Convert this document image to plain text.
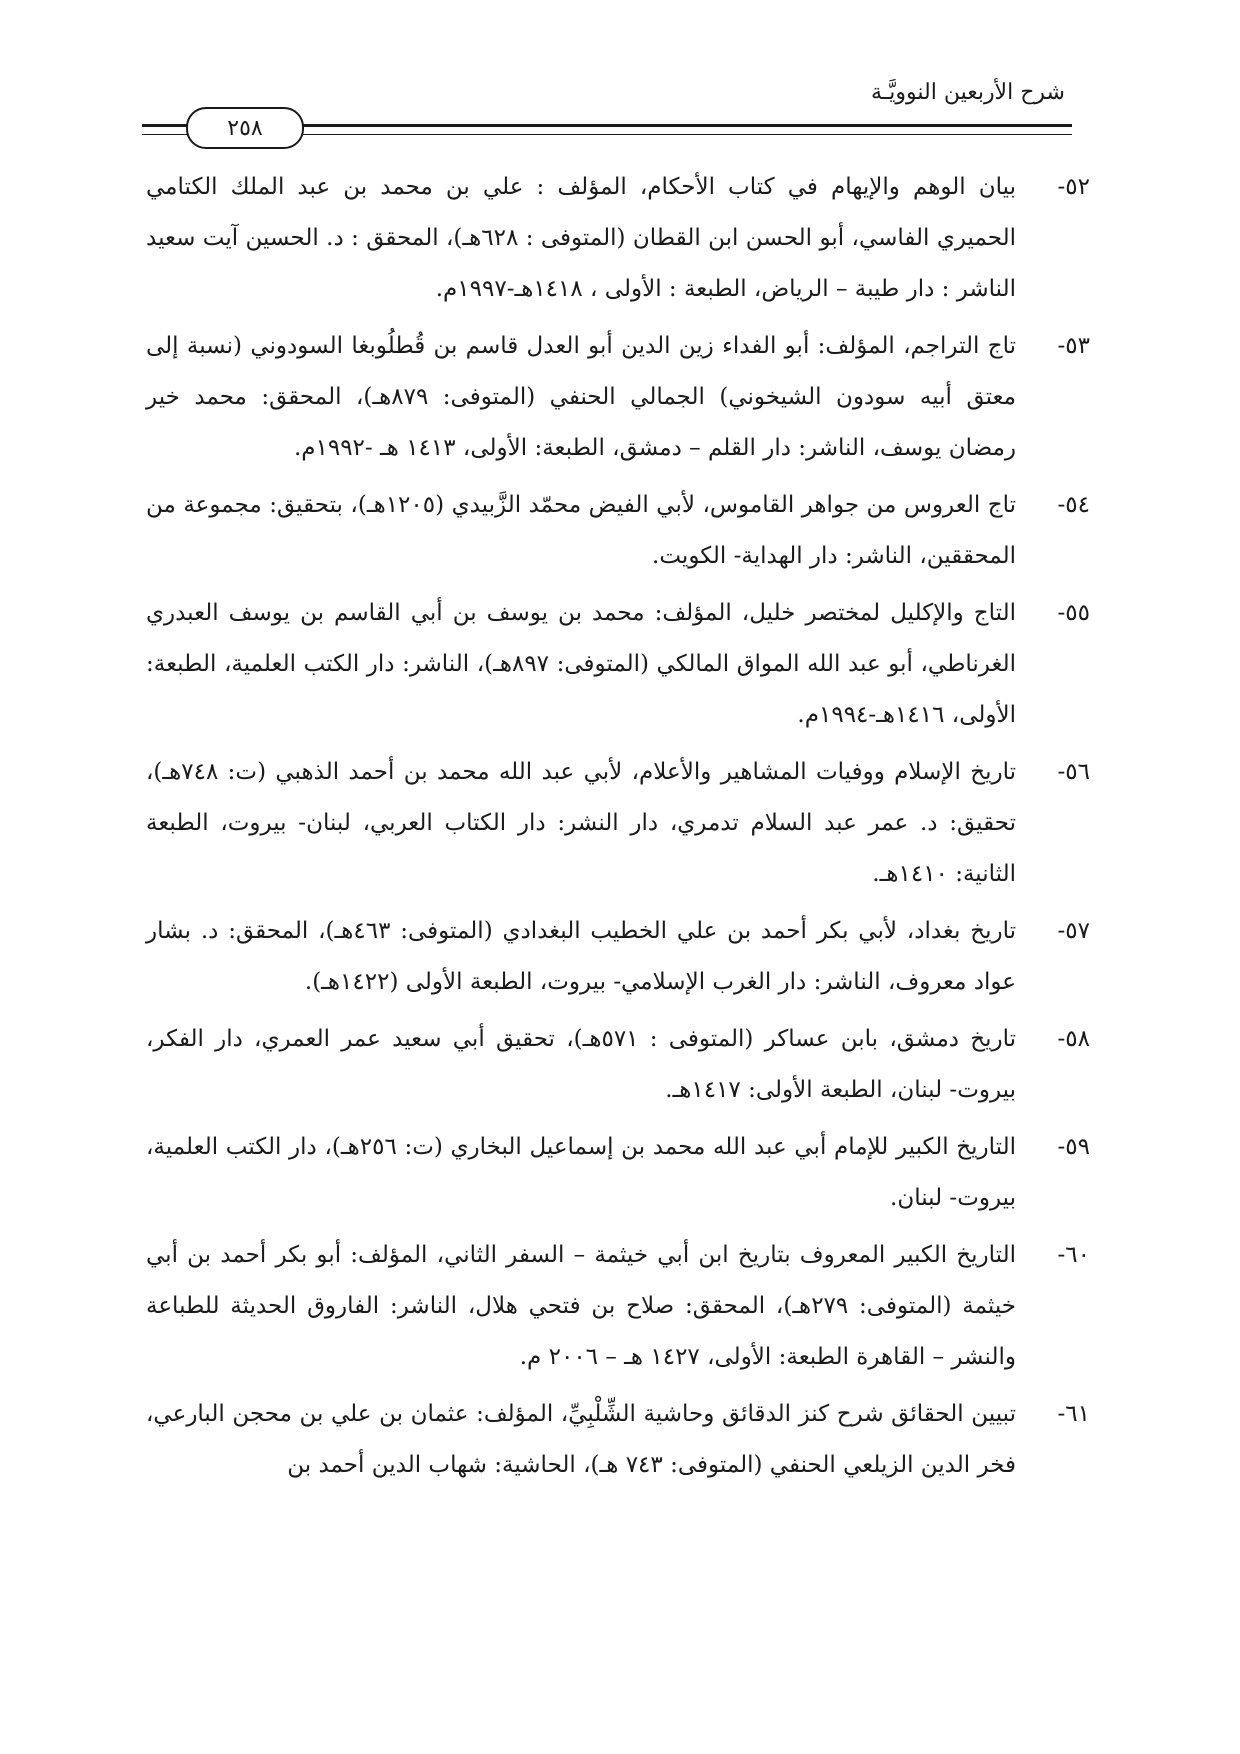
شرح الأربعين النوويَّـة
٢٥٨
٥٢-
بيان الوهم والإيهام في كتاب الأحكام، المؤلف : علي بن محمد بن عبد الملك الكتامي الحميري الفاسي، أبو الحسن ابن القطان (المتوفى : ٦٢٨هـ)، المحقق : د. الحسين آيت سعيد الناشر : دار طيبة – الرياض، الطبعة : الأولى ، ١٤١٨هـ-١٩٩٧م.
٥٣-
تاج التراجم، المؤلف: أبو الفداء زين الدين أبو العدل قاسم بن قُطلُوبغا السودوني (نسبة إلى معتق أبيه سودون الشيخوني) الجمالي الحنفي (المتوفى: ٨٧٩هـ)، المحقق: محمد خير رمضان يوسف، الناشر: دار القلم – دمشق، الطبعة: الأولى، ١٤١٣ هـ -١٩٩٢م.
٥٤-
تاج العروس من جواهر القاموس، لأبي الفيض محمّد الزَّبيدي (١٢٠٥هـ)، بتحقيق: مجموعة من المحققين، الناشر: دار الهداية- الكويت.
٥٥-
التاج والإكليل لمختصر خليل، المؤلف: محمد بن يوسف بن أبي القاسم بن يوسف العبدري الغرناطي، أبو عبد الله المواق المالكي (المتوفى: ٨٩٧هـ)، الناشر: دار الكتب العلمية، الطبعة: الأولى، ١٤١٦هـ-١٩٩٤م.
٥٦-
تاريخ الإسلام ووفيات المشاهير والأعلام، لأبي عبد الله محمد بن أحمد الذهبي (ت: ٧٤٨هـ)، تحقيق: د. عمر عبد السلام تدمري، دار النشر: دار الكتاب العربي، لبنان- بيروت، الطبعة الثانية: ١٤١٠هـ.
٥٧-
تاريخ بغداد، لأبي بكر أحمد بن علي الخطيب البغدادي (المتوفى: ٤٦٣هـ)، المحقق: د. بشار عواد معروف، الناشر: دار الغرب الإسلامي- بيروت، الطبعة الأولى (١٤٢٢هـ).
٥٨-
تاريخ دمشق، بابن عساكر (المتوفى : ٥٧١هـ)، تحقيق أبي سعيد عمر العمري، دار الفكر، بيروت- لبنان، الطبعة الأولى: ١٤١٧هـ.
٥٩-
التاريخ الكبير للإمام أبي عبد الله محمد بن إسماعيل البخاري (ت: ٢٥٦هـ)، دار الكتب العلمية، بيروت- لبنان.
٦٠-
التاريخ الكبير المعروف بتاريخ ابن أبي خيثمة – السفر الثاني، المؤلف: أبو بكر أحمد بن أبي خيثمة (المتوفى: ٢٧٩هـ)، المحقق: صلاح بن فتحي هلال، الناشر: الفاروق الحديثة للطباعة والنشر – القاهرة الطبعة: الأولى، ١٤٢٧ هـ – ٢٠٠٦ م.
٦١-
تبيين الحقائق شرح كنز الدقائق وحاشية الشِّلْبِيِّ، المؤلف: عثمان بن علي بن محجن البارعي، فخر الدين الزيلعي الحنفي (المتوفى: ٧٤٣ هـ)، الحاشية: شهاب الدين أحمد بن
